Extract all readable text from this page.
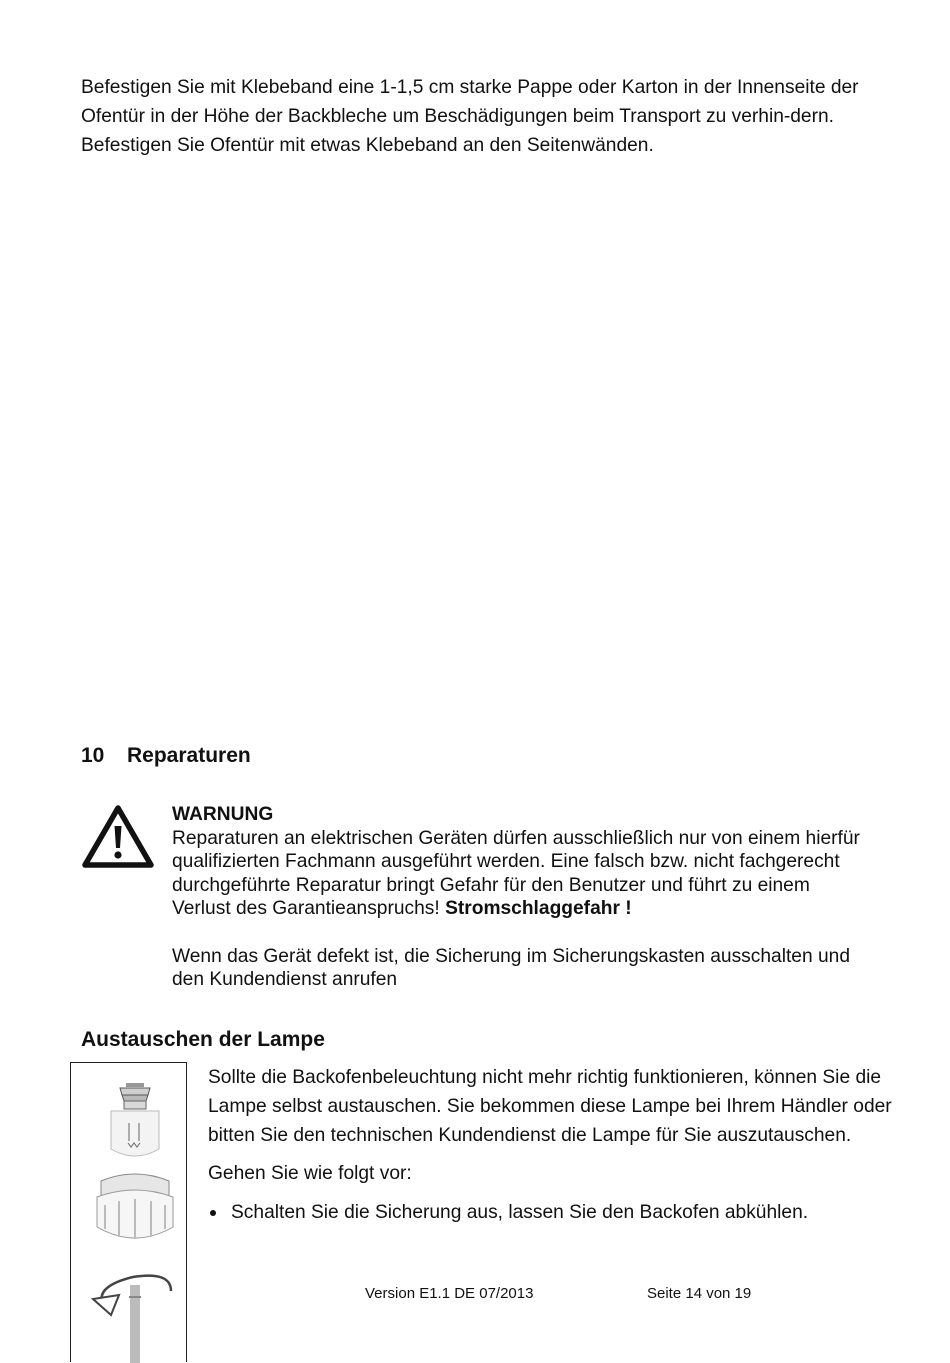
Befestigen Sie mit Klebeband eine 1-1,5 cm starke Pappe oder Karton in der Innenseite der Ofentür in der Höhe der Backbleche um Beschädigungen beim Transport zu verhin-dern. Befestigen Sie Ofentür mit etwas Klebeband an den Seitenwänden.

10	Reparaturen

WARNUNG

Reparaturen an elektrischen Geräten dürfen ausschließlich nur von einem hierfür qualifizierten Fachmann ausgeführt werden. Eine falsch bzw. nicht fachgerecht durchgeführte Reparatur bringt Gefahr für den Benutzer und führt zu einem Verlust des Garantieanspruchs! Stromschlaggefahr !

Wenn das Gerät defekt ist, die Sicherung im Sicherungskasten ausschalten und den Kundendienst anrufen

Austauschen der Lampe

Sollte die Backofenbeleuchtung nicht mehr richtig funktionieren, können Sie die Lampe selbst austauschen. Sie bekommen diese Lampe bei Ihrem Händler oder bitten Sie den technischen Kundendienst die Lampe für Sie auszutauschen.

Gehen Sie wie folgt vor:

Schalten Sie die Sicherung aus, lassen Sie den Backofen abkühlen.
Version E1.1 DE 07/2013	Seite 14 von 19
